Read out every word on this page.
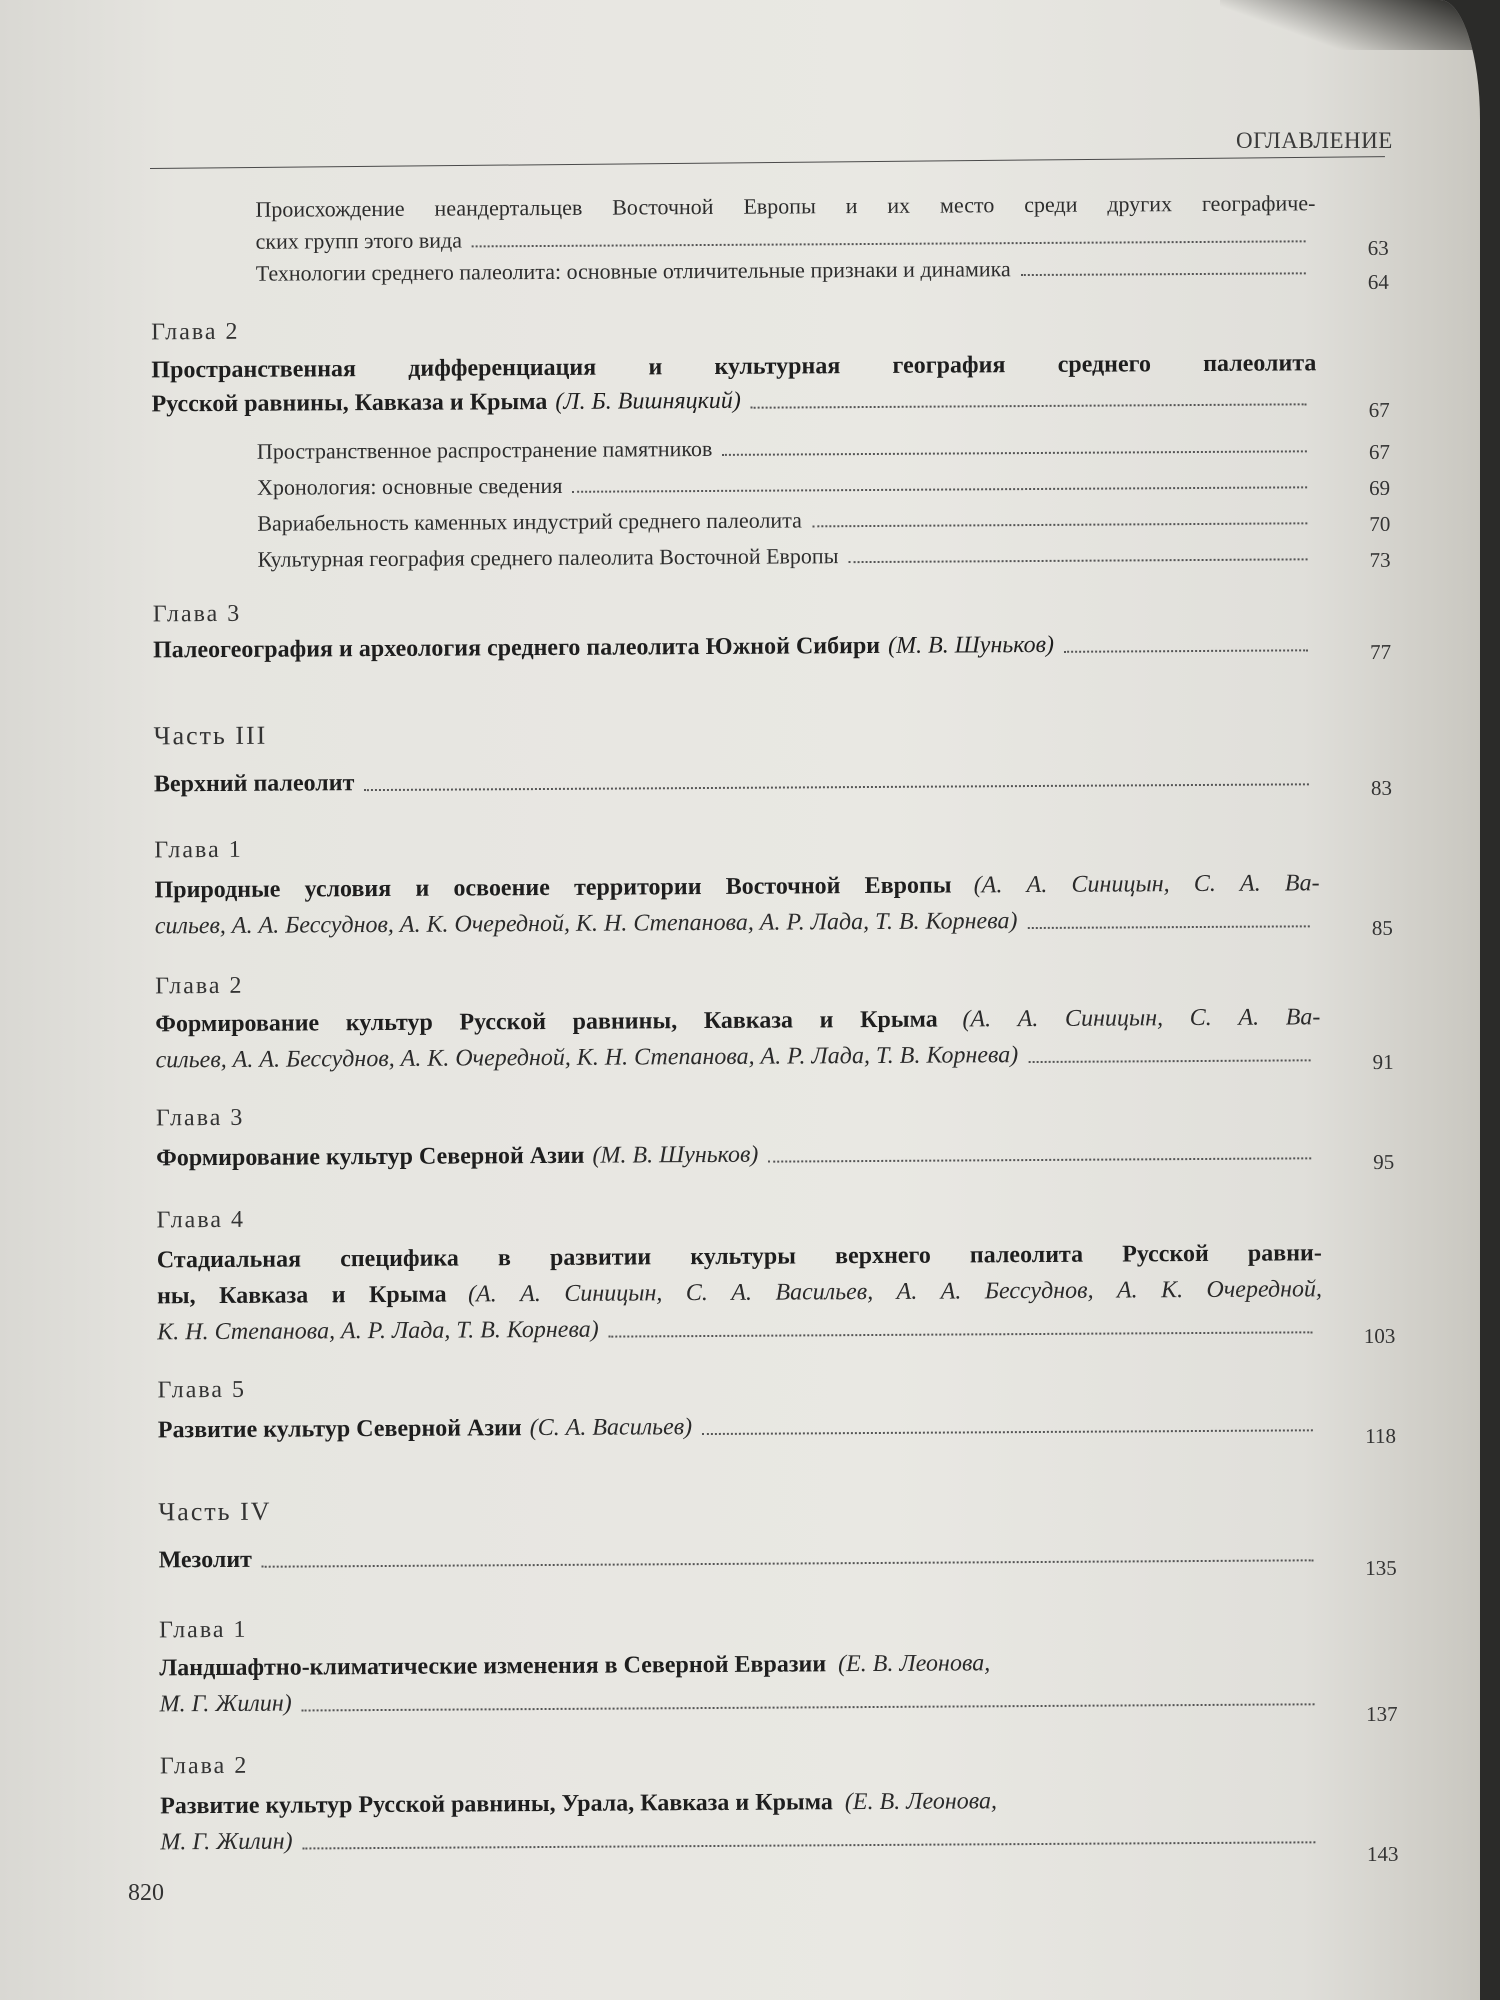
ОГЛАВЛЕНИЕ
Происхождение неандертальцев Восточной Европы и их место среди других географиче-
ских групп этого вида	63
Технологии среднего палеолита: основные отличительные признаки и динамика	64
Глава 2
Пространственная дифференциация и культурная география среднего палеолита
Русской равнины, Кавказа и Крыма (Л. Б. Вишняцкий)	67
Пространственное распространение памятников	67
Хронология: основные сведения	69
Вариабельность каменных индустрий среднего палеолита	70
Культурная география среднего палеолита Восточной Европы	73
Глава 3
Палеогеография и археология среднего палеолита Южной Сибири (М. В. Шуньков)	77
Часть III
Верхний палеолит	83
Глава 1
Природные условия и освоение территории Восточной Европы (А. А. Синицын, С. А. Ва-
сильев, А. А. Бессуднов, А. К. Очередной, К. Н. Степанова, А. Р. Лада, Т. В. Корнева)	85
Глава 2
Формирование культур Русской равнины, Кавказа и Крыма (А. А. Синицын, С. А. Ва-
сильев, А. А. Бессуднов, А. К. Очередной, К. Н. Степанова, А. Р. Лада, Т. В. Корнева)	91
Глава 3
Формирование культур Северной Азии (М. В. Шуньков)	95
Глава 4
Стадиальная специфика в развитии культуры верхнего палеолита Русской равни-
ны, Кавказа и Крыма (А. А. Синицын, С. А. Васильев, А. А. Бессуднов, А. К. Очередной,
К. Н. Степанова, А. Р. Лада, Т. В. Корнева)	103
Глава 5
Развитие культур Северной Азии (С. А. Васильев)	118
Часть IV
Мезолит	135
Глава 1
Ландшафтно-климатические изменения в Северной Евразии (Е. В. Леонова,
М. Г. Жилин)	137
Глава 2
Развитие культур Русской равнины, Урала, Кавказа и Крыма (Е. В. Леонова,
М. Г. Жилин)	143
820
